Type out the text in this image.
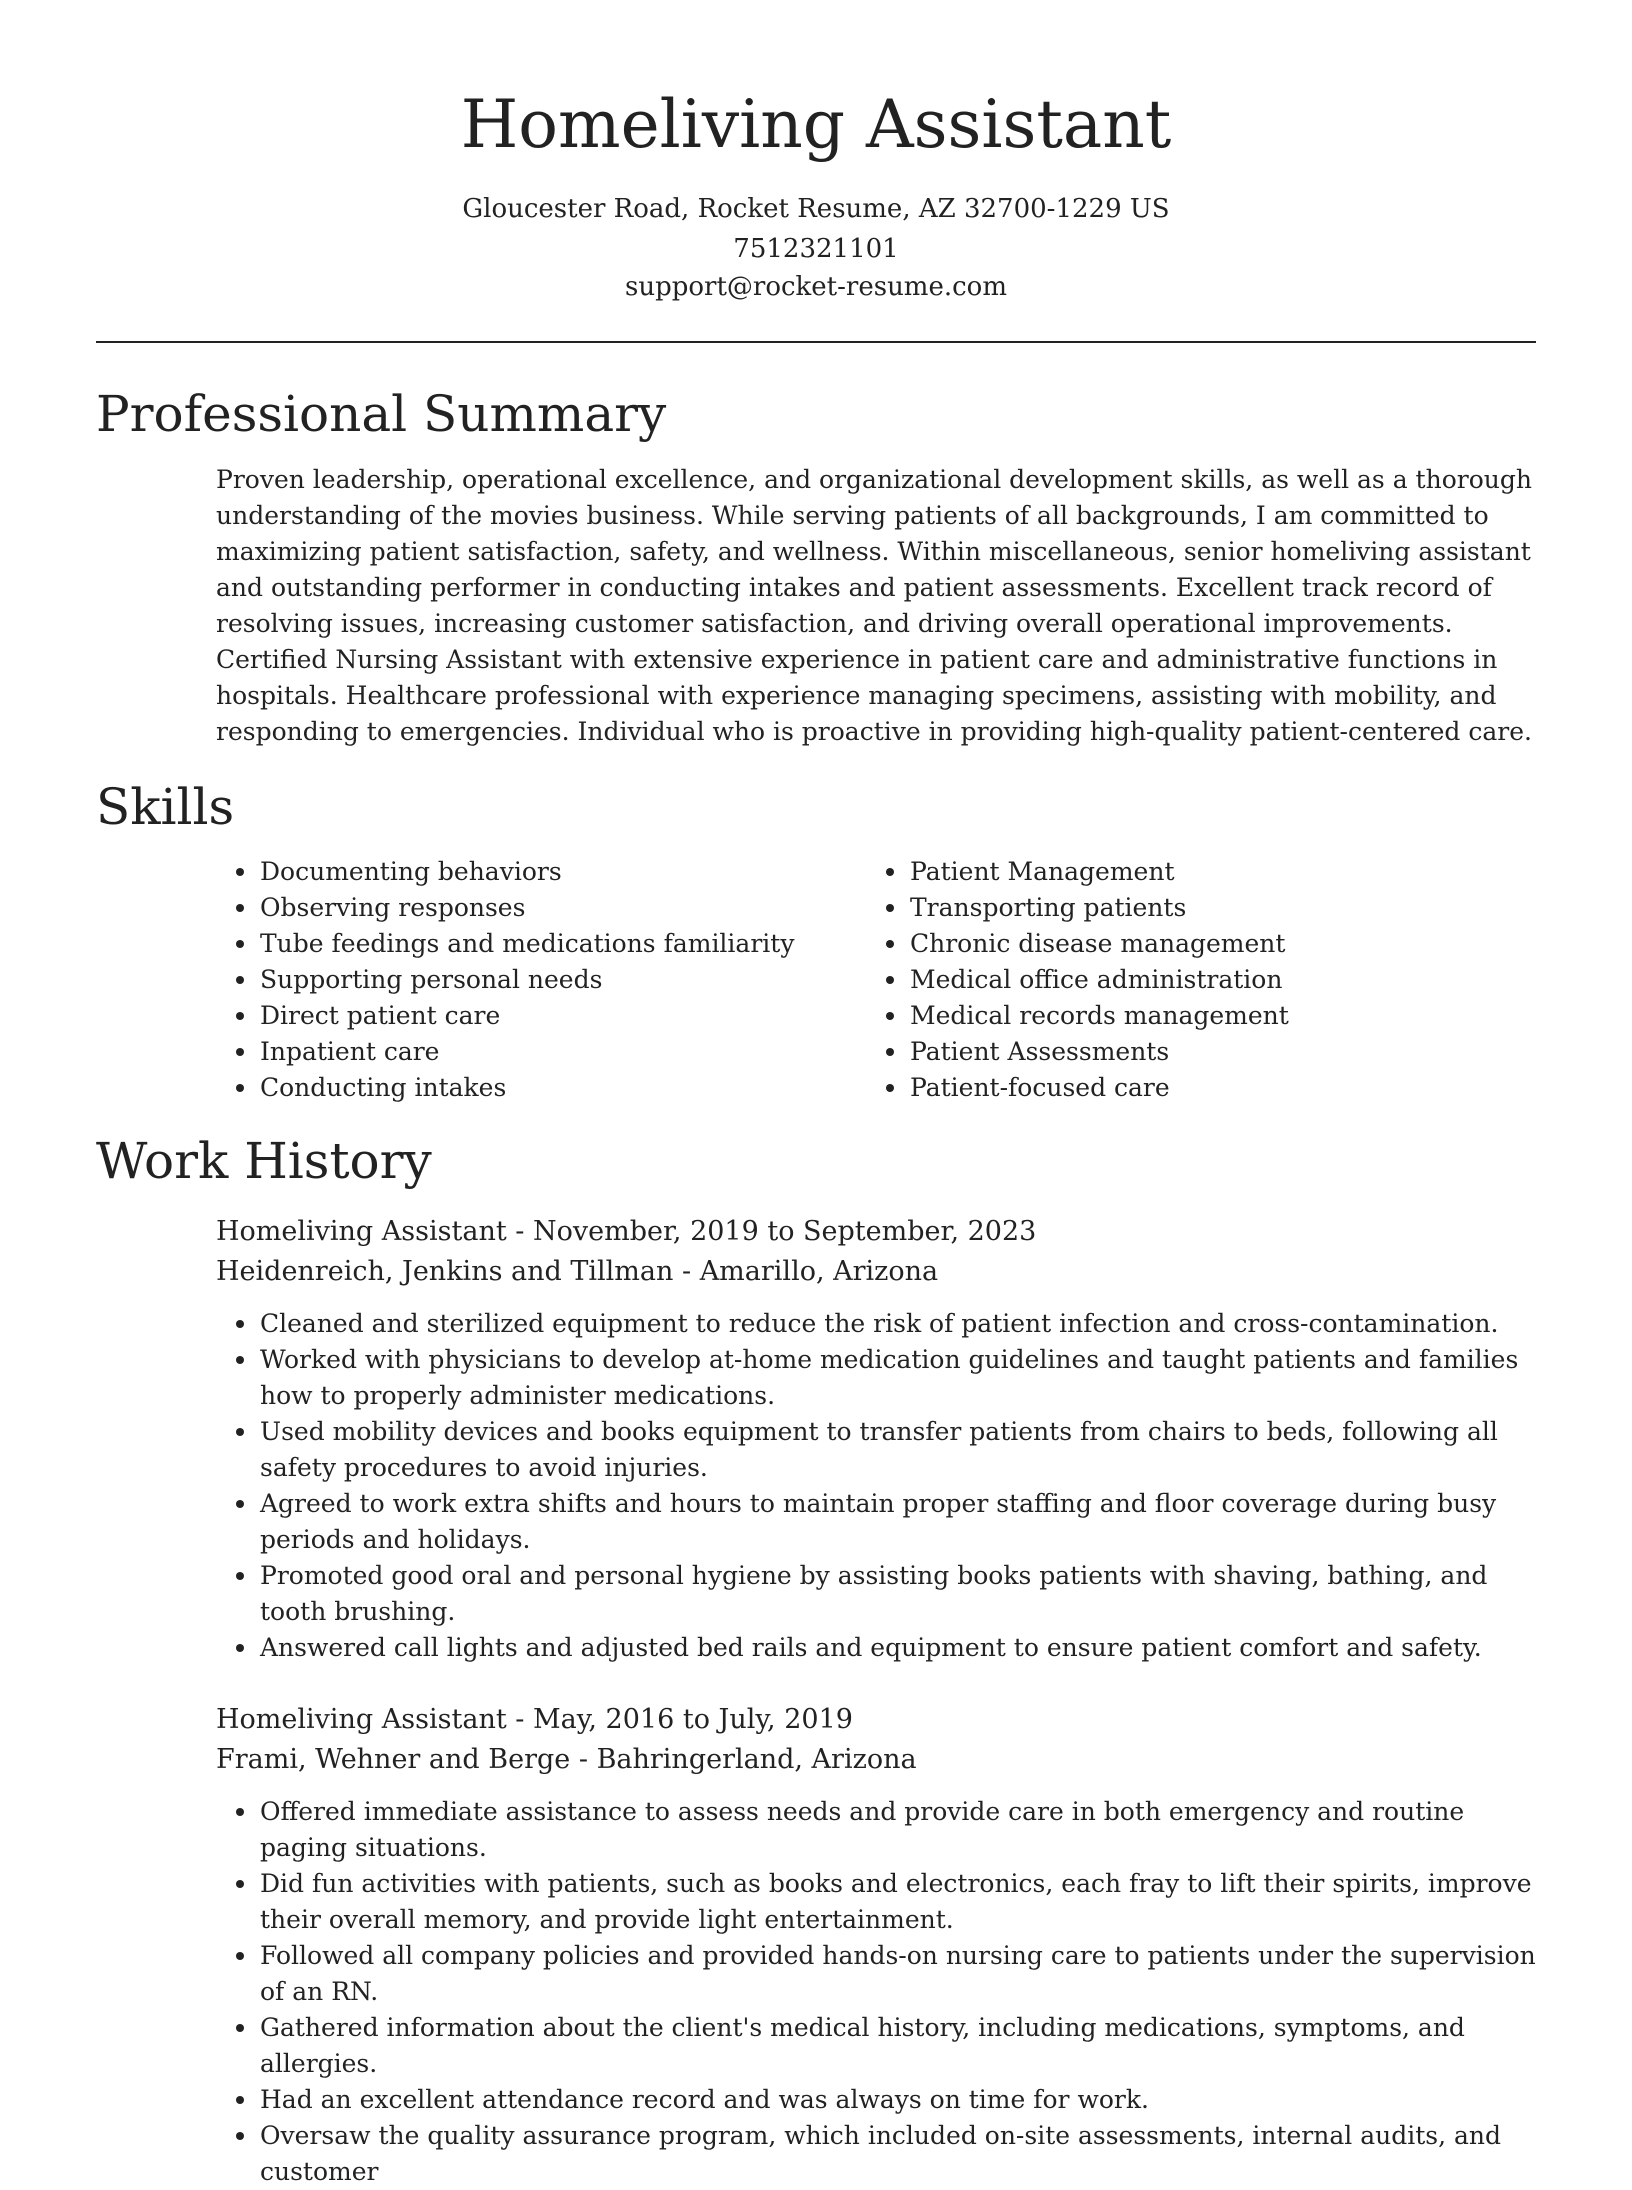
Homeliving Assistant
Gloucester Road, Rocket Resume, AZ 32700-1229 US
7512321101
support@rocket-resume.com
Professional Summary

Proven leadership, operational excellence, and organizational development skills, as well as a thorough understanding of the movies business. While serving patients of all backgrounds, I am committed to maximizing patient satisfaction, safety, and wellness. Within miscellaneous, senior homeliving assistant and outstanding performer in conducting intakes and patient assessments. Excellent track record of resolving issues, increasing customer satisfaction, and driving overall operational improvements. Certified Nursing Assistant with extensive experience in patient care and administrative functions in hospitals. Healthcare professional with experience managing specimens, assisting with mobility, and responding to emergencies. Individual who is proactive in providing high-quality patient-centered care.

Skills
Documenting behaviors
Observing responses
Tube feedings and medications familiarity
Supporting personal needs
Direct patient care
Inpatient care
Conducting intakes
Patient Management
Transporting patients
Chronic disease management
Medical office administration
Medical records management
Patient Assessments
Patient-focused care
Work History
Homeliving Assistant - November, 2019 to September, 2023
Heidenreich, Jenkins and Tillman - Amarillo, Arizona
Cleaned and sterilized equipment to reduce the risk of patient infection and cross-contamination.
Worked with physicians to develop at-home medication guidelines and taught patients and families how to properly administer medications.
Used mobility devices and books equipment to transfer patients from chairs to beds, following all safety procedures to avoid injuries.
Agreed to work extra shifts and hours to maintain proper staffing and floor coverage during busy periods and holidays.
Promoted good oral and personal hygiene by assisting books patients with shaving, bathing, and tooth brushing.
Answered call lights and adjusted bed rails and equipment to ensure patient comfort and safety.
Homeliving Assistant - May, 2016 to July, 2019
Frami, Wehner and Berge - Bahringerland, Arizona
Offered immediate assistance to assess needs and provide care in both emergency and routine paging situations.
Did fun activities with patients, such as books and electronics, each fray to lift their spirits, improve their overall memory, and provide light entertainment.
Followed all company policies and provided hands-on nursing care to patients under the supervision of an RN.
Gathered information about the client's medical history, including medications, symptoms, and allergies.
Had an excellent attendance record and was always on time for work.
Oversaw the quality assurance program, which included on-site assessments, internal audits, and customer
